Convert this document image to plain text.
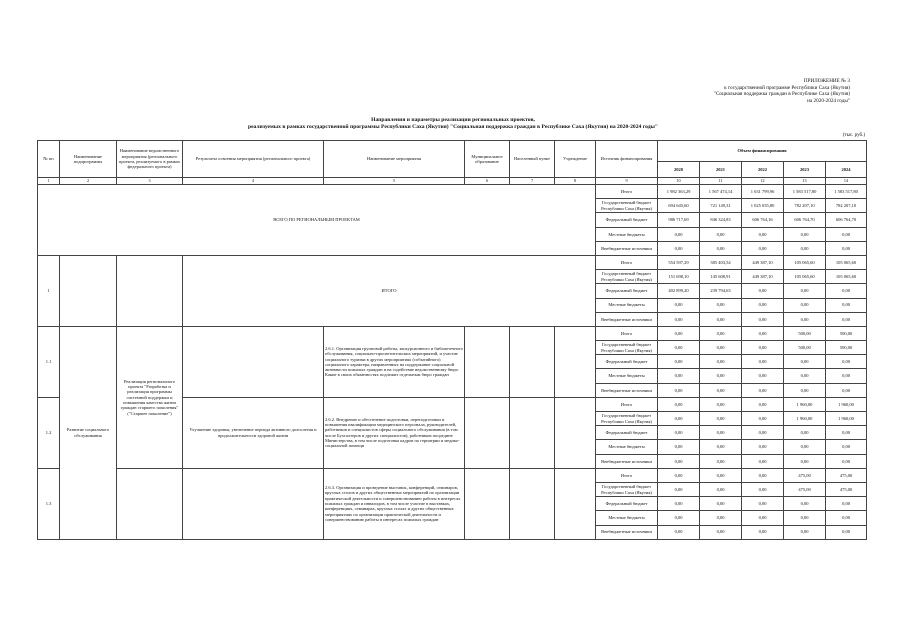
ПРИЛОЖЕНИЕ № 3
к государственной программе Республики Саха (Якутия)
"Социальная поддержка граждан в Республике Саха (Якутия)
на 2020-2024 годы"
Направления и параметры реализации региональных проектов,
реализуемых в рамках государственной программы Республики Саха (Якутия) "Социальная поддержка граждан в Республике Саха (Якутия) на 2020-2024 годы"
(тыс. руб.)
№ пп	Наименование подпрограммы	Наименование ведомственного мероприятия (регионального проекта, реализуемого в рамках федерального проекта)	Результаты освоения мероприятия (регионального проекта)	Наименование мероприятия	Муниципальное образование	Населенный пункт	Учреждение	Источник финансирования	Объем финансирования				
									2020	2021	2022	2023	2024
1	2	3	4	5	6	7	8	9	10	11	12	13	14
ВСЕГО ПО РЕГИОНАЛЬНЫМ ПРОЕКТАМ								Итого	1 982 363,29	1 567 474,14	1 631 799,96	1 583 517,80	1 583 517,80
								Государственный бюджет Республики Саха (Якутия)	694 645,60	721 149,31	1 025 035,80	782 207,10	782 207,10
								Федеральный бюджет	986 717,69	846 324,83	606 764,16	606 764,70	606 764,70
								Местные бюджеты	0,00	0,00	0,00	0,00	0,00
								Внебюджетные источники	0,00	0,00	0,00	0,00	0,00
1			ИТОГО					Итого	554 597,29	385 403,54	449 387,10	105 065,60	105 065,60
								Государственный бюджет Республики Саха (Якутия)	151 698,10	145 608,91	449 387,10	105 065,60	105 065,60
								Федеральный бюджет	402 899,20	239 794,63	0,00	0,00	0,00
								Местные бюджеты	0,00	0,00	0,00	0,00	0,00
								Внебюджетные источники	0,00	0,00	0,00	0,00	0,00
1.1	Развитие социального обслуживания	Реализация регионального проекта "Разработка и реализация программы системной поддержки и повышения качества жизни граждан старшего поколения" ("Старшее поколение")		2.6.1. Организация групповой работы, экскурсионного и библиотечного обслуживания, социально-просветительских мероприятий, и участие социального туризма в других мероприятиях (событийного) социального характера, направленных на поддержание социальной активности пожилых граждан и на содействие ведомственному бюро. Какие в своих обязанностях подлежит отдельным бюро граждан				Итого	0,00	0,00	0,00	500,00	500,00
								Государственный бюджет Республики Саха (Якутия)	0,00	0,00	0,00	500,00	500,00
								Федеральный бюджет	0,00	0,00	0,00	0,00	0,00
								Местные бюджеты	0,00	0,00	0,00	0,00	0,00
								Внебюджетные источники	0,00	0,00	0,00	0,00	0,00
1.2			Улучшение здоровья, увеличение периода активного долголетия и продолжительности здоровой жизни	2.6.2. Внедрение и обеспечение подготовки, переподготовки и повышения квалификации медицинского персонала, руководителей, работников и специалистов сферы социального обслуживания (в том числе Бухгалтеров и других специалистов), работников посредине Министерства, в том числе подготовка кадров по гериатрии и медико-социальной помощи				Итого	0,00	0,00	0,00	1 960,00	1 960,00
								Государственный бюджет Республики Саха (Якутия)	0,00	0,00	0,00	1 960,00	1 960,00
								Федеральный бюджет	0,00	0,00	0,00	0,00	0,00
								Местные бюджеты	0,00	0,00	0,00	0,00	0,00
								Внебюджетные источники	0,00	0,00	0,00	0,00	0,00
1.3				2.6.3. Организация и проведение выставок, конференций, семинаров, круглых столов и других общественных мероприятий по организации практической деятельности и совершенствованию работы в интересах пожилых граждан и инвалидов, в том числе участие в выставках, конференциях, семинарах, круглых столах и других общественных мероприятиях по организации практической деятельности и совершенствованию работы в интересах пожилых граждан				Итого	0,00	0,00	0,00	475,00	475,00
								Государственный бюджет Республики Саха (Якутия)	0,00	0,00	0,00	475,00	475,00
								Федеральный бюджет	0,00	0,00	0,00	0,00	0,00
								Местные бюджеты	0,00	0,00	0,00	0,00	0,00
								Внебюджетные источники	0,00	0,00	0,00	0,00	0,00
